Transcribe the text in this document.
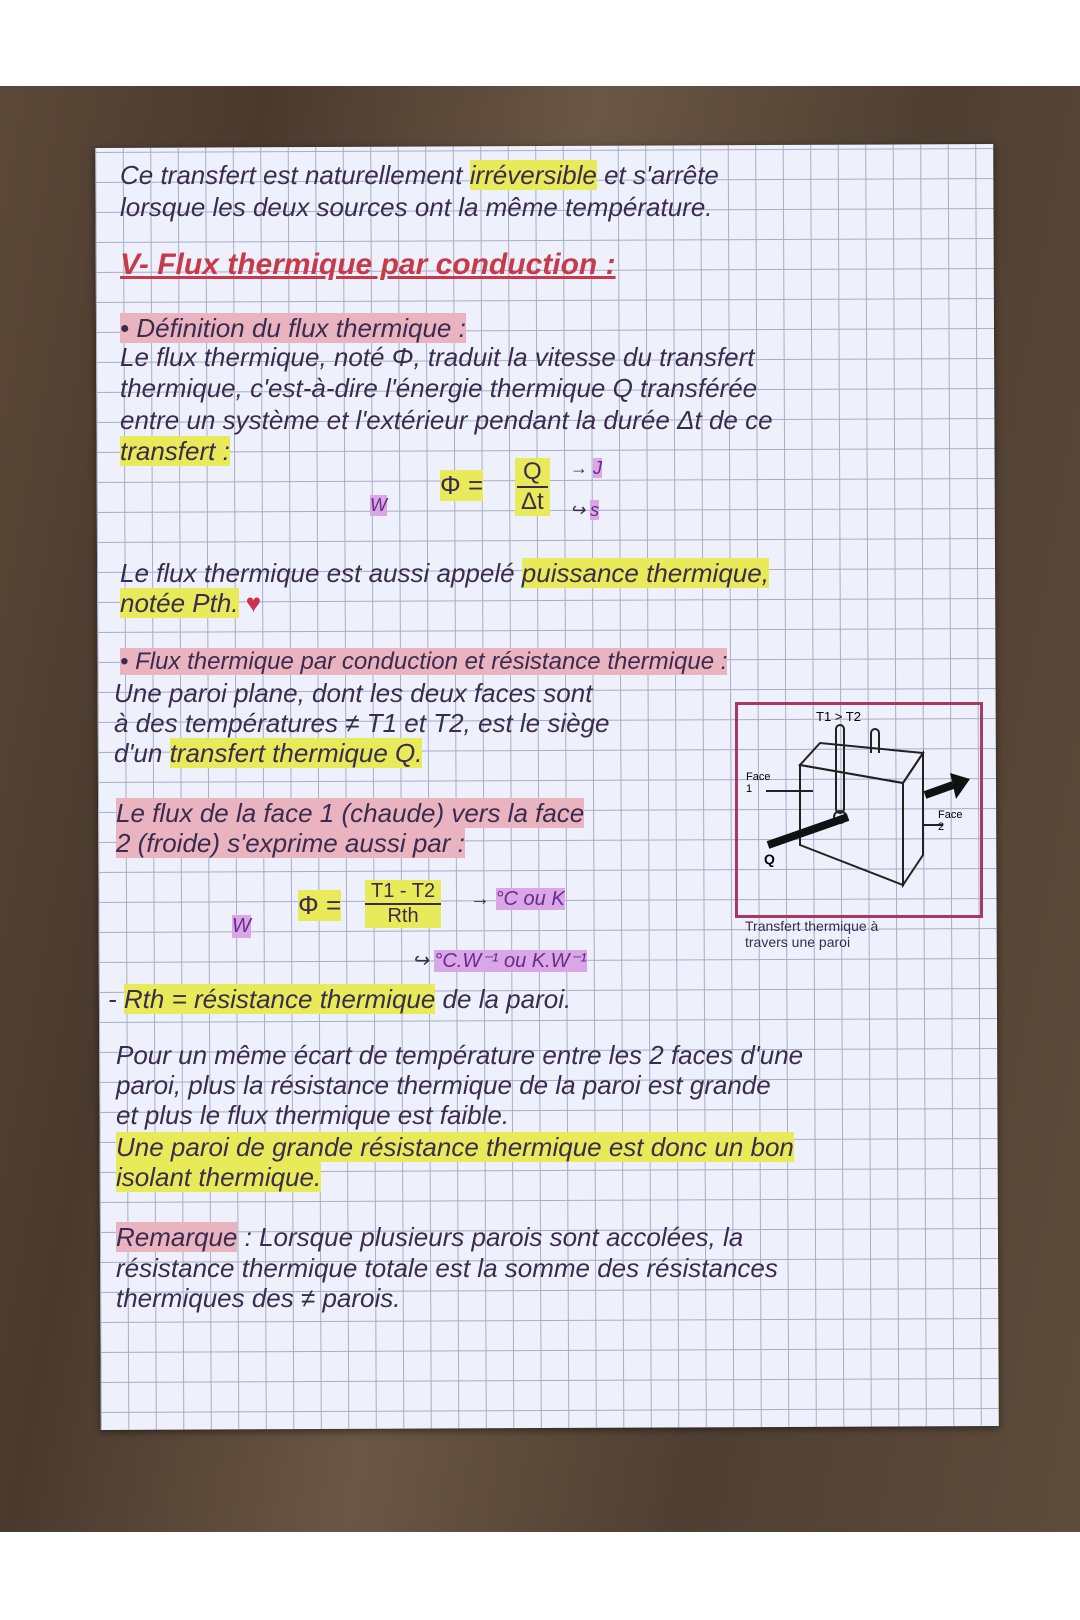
Ce transfert est naturellement irréversible et s'arrête
lorsque les deux sources ont la même température.
V- Flux thermique par conduction :
• Définition du flux thermique :
Le flux thermique, noté Φ, traduit la vitesse du transfert
thermique, c'est-à-dire l'énergie thermique Q transférée
entre un système et l'extérieur pendant la durée Δt de ce
transfert :
W
$\Phi = \frac{Q}{\Delta t} \to J$
↪ s
Le flux thermique est aussi appelé puissance thermique,
notée Pth. ♥
• Flux thermique par conduction et résistance thermique :
Une paroi plane, dont les deux faces sont
à des températures ≠ T1 et T2, est le siège
d'un transfert thermique Q.
Le flux de la face 1 (chaude) vers la face
2 (froide) s'exprime aussi par :
W
Φ =	T1 - T2
Rth
→ °C ou K
↪ °C.W⁻¹ ou K.W⁻¹
- Rth = résistance thermique de la paroi.
Pour un même écart de température entre les 2 faces d'une
paroi, plus la résistance thermique de la paroi est grande
et plus le flux thermique est faible.
Une paroi de grande résistance thermique est donc un bon
isolant thermique.
Remarque : Lorsque plusieurs parois sont accolées, la
résistance thermique totale est la somme des résistances
thermiques des ≠ parois.
T1 > T2
Face 1
Face 2
Q
Transfert thermique à
travers une paroi
